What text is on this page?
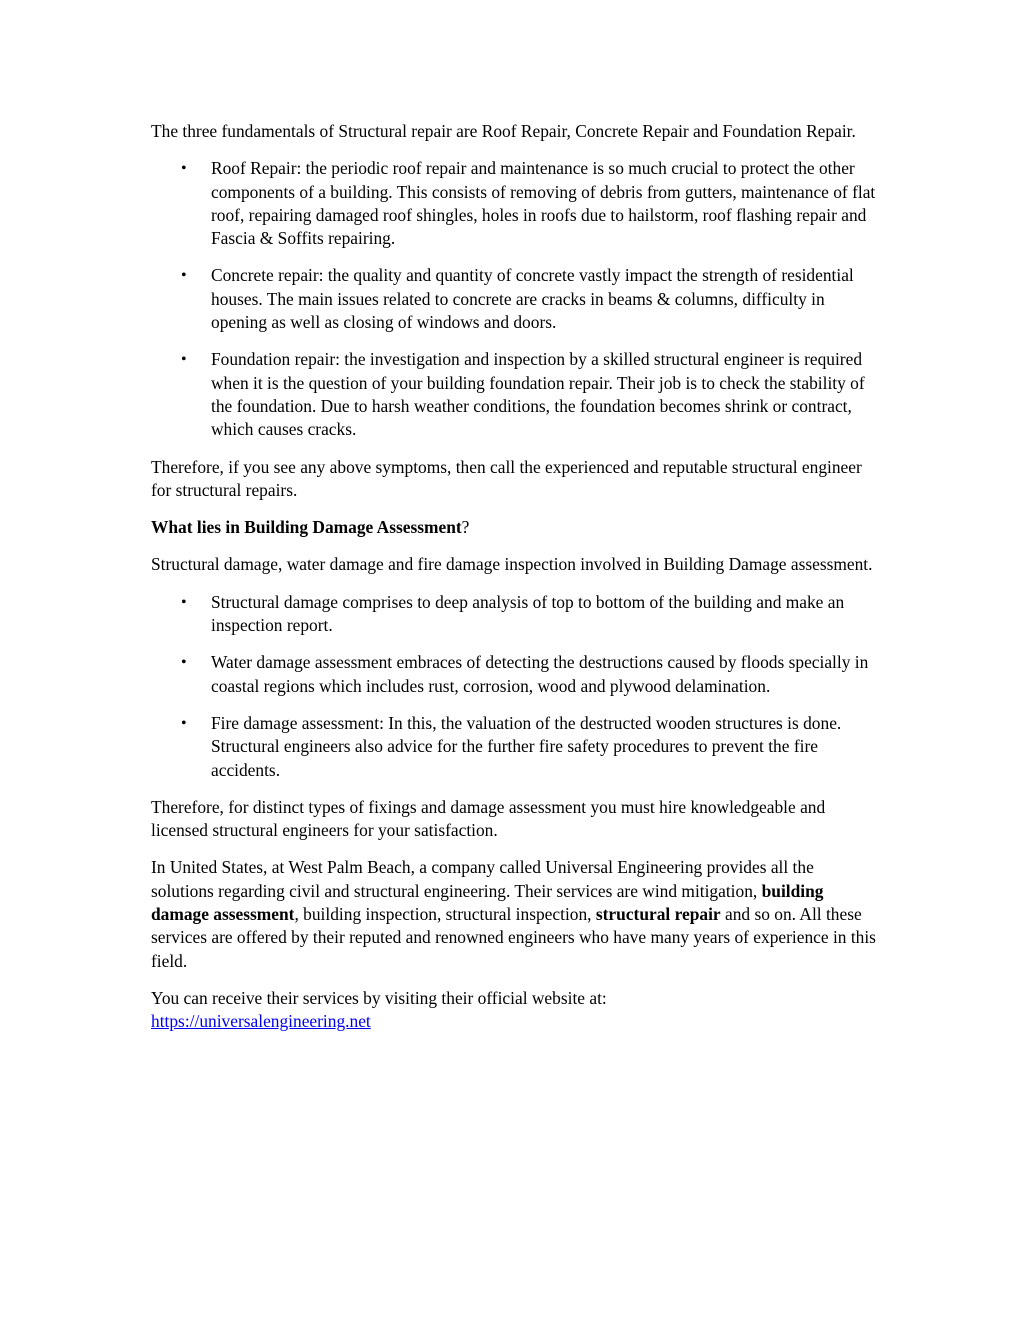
The three fundamentals of Structural repair are Roof Repair, Concrete Repair and Foundation Repair.

• Roof Repair: the periodic roof repair and maintenance is so much crucial to protect the other components of a building. This consists of removing of debris from gutters, maintenance of flat roof, repairing damaged roof shingles, holes in roofs due to hailstorm, roof flashing repair and Fascia & Soffits repairing.
• Concrete repair: the quality and quantity of concrete vastly impact the strength of residential houses. The main issues related to concrete are cracks in beams & columns, difficulty in opening as well as closing of windows and doors.
• Foundation repair: the investigation and inspection by a skilled structural engineer is required when it is the question of your building foundation repair. Their job is to check the stability of the foundation. Due to harsh weather conditions, the foundation becomes shrink or contract, which causes cracks.

Therefore, if you see any above symptoms, then call the experienced and reputable structural engineer for structural repairs.

What lies in Building Damage Assessment?

Structural damage, water damage and fire damage inspection involved in Building Damage assessment.

• Structural damage comprises to deep analysis of top to bottom of the building and make an inspection report.
• Water damage assessment embraces of detecting the destructions caused by floods specially in coastal regions which includes rust, corrosion, wood and plywood delamination.
• Fire damage assessment: In this, the valuation of the destructed wooden structures is done. Structural engineers also advice for the further fire safety procedures to prevent the fire accidents.

Therefore, for distinct types of fixings and damage assessment you must hire knowledgeable and licensed structural engineers for your satisfaction.

In United States, at West Palm Beach, a company called Universal Engineering provides all the solutions regarding civil and structural engineering. Their services are wind mitigation, building damage assessment, building inspection, structural inspection, structural repair and so on. All these services are offered by their reputed and renowned engineers who have many years of experience in this field.

You can receive their services by visiting their official website at:
https://universalengineering.net
